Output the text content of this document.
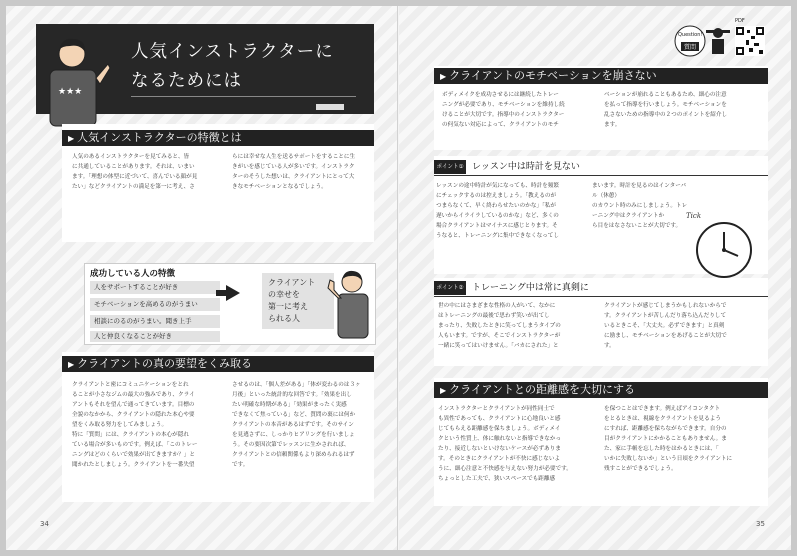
人気インストラクターに
なるためには
★★★
▶ 人気インストラクターの特徴とは
人気のあるインストラクターを見てみると、皆
に共通していることがあります。それは、いまい
ます。「理想の体型に近づいて、喜んでいる顔が見
たい」などクライアントの満足を第一に考え、さ
らには幸せな人生を送るサポートをすることに生
きがいを感じている人が多いです。インストラク
ターのそうした想いは、クライアントにとって大
きなモチベーションとなるでしょう。
成功している人の特徴
人をサポートすることが好き
モチベーションを高めるのがうまい
相談にのるのがうまい。聞き上手
人と仲良くなることが好き
クライアント
の幸せを
第一に考え
られる人
▶ クライアントの真の要望をくみ取る
クライアントと密にコミュニケーションをとれ
ることが小さなジムの最大の強みであり、クライ
アントもそれを望んで通ってきています。目標の
全貌のなかから、クライアントの隠れた本心や要
望をくみ取る努力をしてみましょう。
特に「質問」には、クライアントの本心が隠れ
ている場合が多いものです。例えば、「このトレー
ニングはどのくらいで効果が出てきますか？」と
聞かれたとしましょう。クライアントを一番失望
させるのは、「個人差がある」「体が変わるのは３ヶ
月後」といった統計的な回答です。「効果を出し
たい明確な時期がある」「効果がまったく実感
できなくて焦っている」など、質問の裏には何か
クライアントの本音があるはずです。そのサイン
を見逃さずに、しっかりヒアリングを行いましょ
う。その要因次第でレッスンに生かされれば、
クライアントとの信頼関係もより深められるはず
です。
34
Question!
質問
PDF
▶ クライアントのモチベーションを崩さない
ボディメイクを成功させるには継続したトレー
ニングが必要であり、モチベーションを維持し続
けることが大切です。指導中のインストラクター
の何気ない対応によって、クライアントのモチ
ベーションが崩れることもあるため、細心の注意
を払って指導を行いましょう。モチベーションを
乱さないための指導中の２つのポイントを紹介し
ます。
ポイント① レッスン中は時計を見ない
レッスンの途中時計が気になっても、時計を頻繁
にチェックするのは控えましょう。「教えるのが
つまらなくて、早く終わらせたいのかな」「私が
遅いからイライラしているのかな」など、多くの
場合クライアントはマイナスに感じとります。そ
うなると、トレーニングに集中できなくなってし
まいます。時計を見るのはインターバル（休憩）
のカウント時のみにしましょう。トレーニング中はクライアントか
ら目をはなさないことが大切です。
Tick
ポイント② トレーニング中は常に真剣に
世の中にはさまざまな性格の人がいて、なかに
はトレーニングの最後で思わず笑いが出てし
まったり、失敗したときに笑ってしまうタイプの
人もいます。ですが、そこでインストラクターが
一緒に笑ってはいけません。「バカにされた」と
クライアントが感じてしまうかもしれないからで
す。クライアントが苦しんだり落ち込んだりして
いるときこそ、「大丈夫。必ずできます」と真剣
に励まし、モチベーションをあげることが大切で
す。
▶ クライアントとの距離感を大切にする
インストラクターとクライアントが同性同士で
も異性であっても、クライアントに心地良いと感
じてもらえる距離感を保ちましょう。ボディメイ
クという性質上、体に触れないと指導できなかっ
たり、接近しないといけないケースが必ずありま
す。そのときにクライアントが不快に感じないよ
うに、細心注意と不快感を与えない努力が必要です。
ちょっとした工夫で、狭いスペースでも距離感
を保つことはできます。例えばアイコンタクト
をとるときは、視線をクライアントを見るよう
にすれば、距離感を保ちながらできます。自分の
目がクライアントにかかることもありません。ま
た、家に手帳を忘した時をはかるときには、「
いかに失敗しないか」という日頃をクライアントに
残すことができるでしょう。
35
